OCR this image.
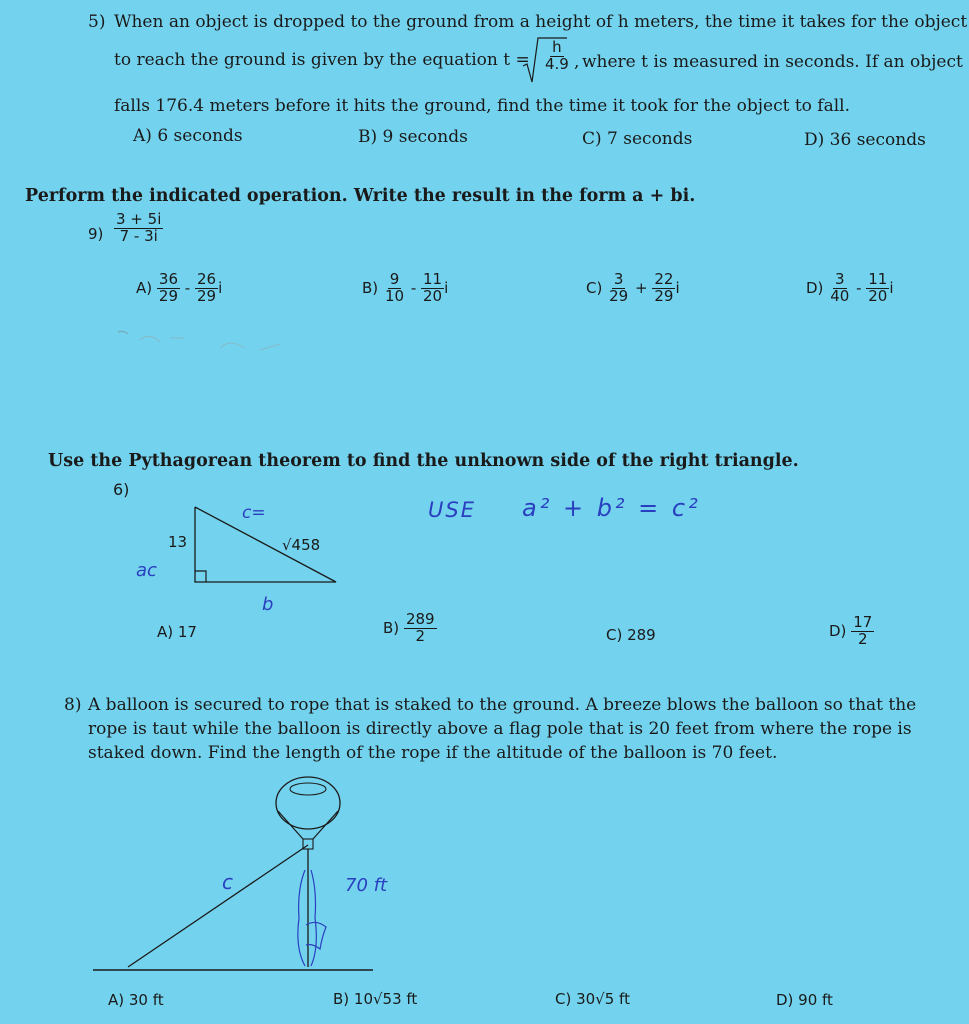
5) When an object is dropped to the ground from a height of h meters, the time it takes for the object
to reach the ground is given by the equation $t = \frac{h}{4.9}$ , where t is measured in seconds. If an object
falls 176.4 meters before it hits the ground, find the time it took for the object to fall.
A) 6 seconds	B) 9 seconds	C) 7 seconds	D) 36 seconds
Perform the indicated operation. Write the result in the form a + bi.
$9) \frac{3 + 5i}{7 - 3i}$
$A) \frac{36}{29} - \frac{26}{29}$ i	$B) \frac{9}{10} - \frac{11}{20}$ i	$C) \frac{3}{29} + \frac{22}{29}$ i	$D) \frac{3}{40} - \frac{11}{20}$ i
Use the Pythagorean theorem to find the unknown side of the right triangle.
6)
13	√458
c=
ac
b
USE a² + b² = c²
A) 17	$B) \frac{289}{2}$	C) 289	$D) \frac{17}{2}$
8) A balloon is secured to rope that is staked to the ground. A breeze blows the balloon so that the
rope is taut while the balloon is directly above a flag pole that is 20 feet from where the rope is
staked down. Find the length of the rope if the altitude of the balloon is 70 feet.
c	70 ft
A) 30 ft	B) 10√53 ft	C) 30√5 ft	D) 90 ft
